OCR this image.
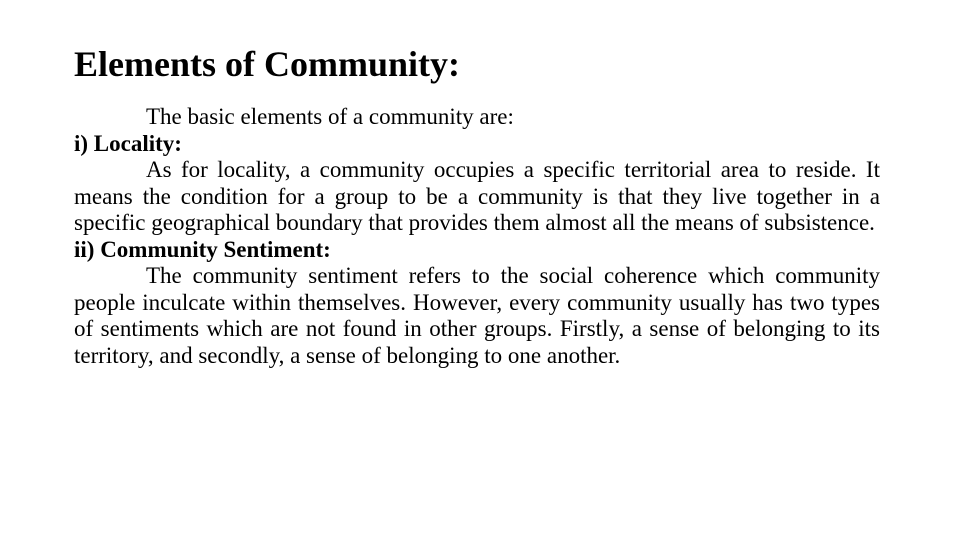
Elements of Community:

The basic elements of a community are:

i) Locality:

As for locality, a community occupies a specific territorial area to reside. It means the condition for a group to be a community is that they live together in a specific geographical boundary that provides them almost all the means of subsistence.

ii) Community Sentiment:

The community sentiment refers to the social coherence which community people inculcate within themselves. However, every community usually has two types of sentiments which are not found in other groups. Firstly, a sense of belonging to its territory, and secondly, a sense of belonging to one another.
